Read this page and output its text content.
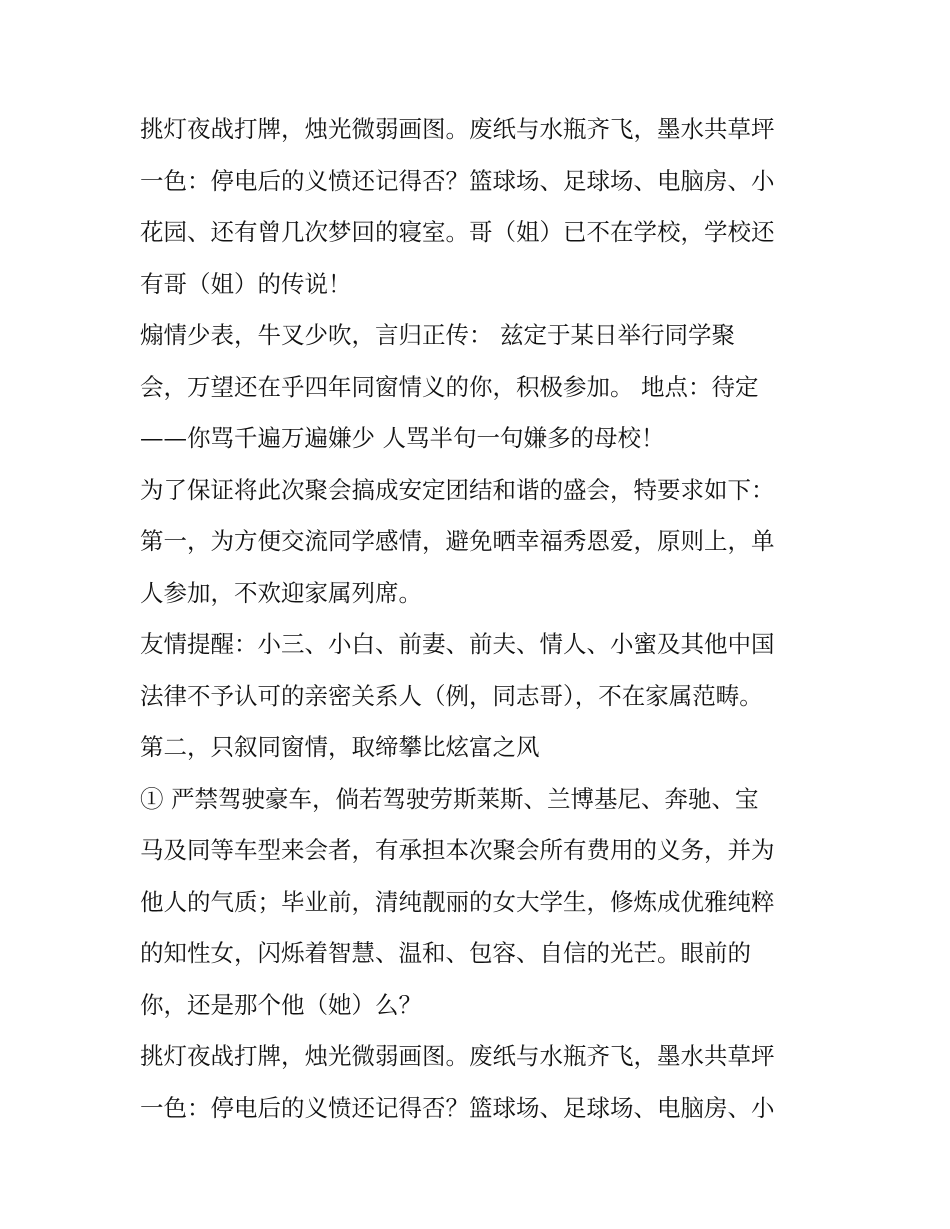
挑灯夜战打牌，烛光微弱画图。废纸与水瓶齐飞，墨水共草坪
一色：停电后的义愤还记得否？篮球场、足球场、电脑房、小
花园、还有曾几次梦回的寝室。哥（姐）已不在学校，学校还
有哥（姐）的传说！
煽情少表，牛叉少吹，言归正传： 兹定于某日举行同学聚
会，万望还在乎四年同窗情义的你，积极参加。 地点：待定
——你骂千遍万遍嫌少 人骂半句一句嫌多的母校！
为了保证将此次聚会搞成安定团结和谐的盛会，特要求如下：
第一，为方便交流同学感情，避免晒幸福秀恩爱，原则上，单
人参加，不欢迎家属列席。
友情提醒：小三、小白、前妻、前夫、情人、小蜜及其他中国
法律不予认可的亲密关系人（例，同志哥），不在家属范畴。
第二，只叙同窗情，取缔攀比炫富之风
① 严禁驾驶豪车，倘若驾驶劳斯莱斯、兰博基尼、奔驰、宝
马及同等车型来会者，有承担本次聚会所有费用的义务，并为
他人的气质；毕业前，清纯靓丽的女大学生，修炼成优雅纯粹
的知性女，闪烁着智慧、温和、包容、自信的光芒。眼前的
你，还是那个他（她）么？
挑灯夜战打牌，烛光微弱画图。废纸与水瓶齐飞，墨水共草坪
一色：停电后的义愤还记得否？篮球场、足球场、电脑房、小
